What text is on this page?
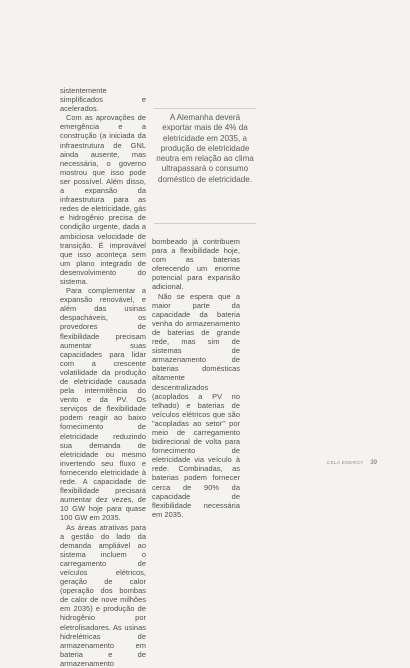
sistentemente simplificados e acelerados.

Com as aprovações de emergência e a construção (a iniciada da infraestrutura de GNL ainda ausente, mas necessária, o governo mostrou que isso pode ser possível. Além disso, a expansão da infraestrutura para as redes de eletricidade, gás e hidrogênio precisa de condição urgente, dada a ambiciosa velocidade de transição. É improvável que isso aconteça sem um plano integrado de desenvolvimento do sistema.

Para complementar a expansão renovável, e além das usinas despacháveis, os provedores de flexibilidade precisam aumentar suas capacidades para lidar com a crescente volatilidade da produção de eletricidade causada pela intermitência do vento e da PV. Os serviços de flexibilidade podem reagir ao baixo fornecimento de eletricidade reduzindo sua demanda de eletricidade ou mesmo invertendo seu fluxo e fornecendo eletricidade à rede. A capacidade de flexibilidade precisará aumentar dez vezes, de 10 GW hoje para quase 100 GW em 2035.

As áreas atrativas para a gestão do lado da demanda ampliável ao sistema incluem o carregamento de veículos elétricos, geração de calor (operação dos bombas de calor de nove milhões em 2035) e produção de hidrogênio por eletrolisadores. As usinas hidrelétricas de armazenamento em bateria e de armazenamento

A Alemanha deverá exportar mais de 4% da eletricidade em 2035, a produção de eletricidade neutra em relação ao clima ultrapassará o consumo doméstico de eletricidade.

bombeado já contribuem para a flexibilidade hoje, com as baterias oferecendo um enorme potencial para expansão adicional.

Não se espera que a maior parte da capacidade da bateria venha do armazenamento de baterias de grande rede, mas sim de sistemas de armazenamento de baterias domésticas altamente descentralizados (acoplados a PV no telhado) e baterias de veículos elétricos que são "acopladas ao setor" por meio de carregamento bidirecional de volta para fornecimento de eletricidade via veículo à rede. Combinadas, as baterias podem fornecer cerca de 90% da capacidade de flexibilidade necessária em 2035.

CELA ENERGY 39
